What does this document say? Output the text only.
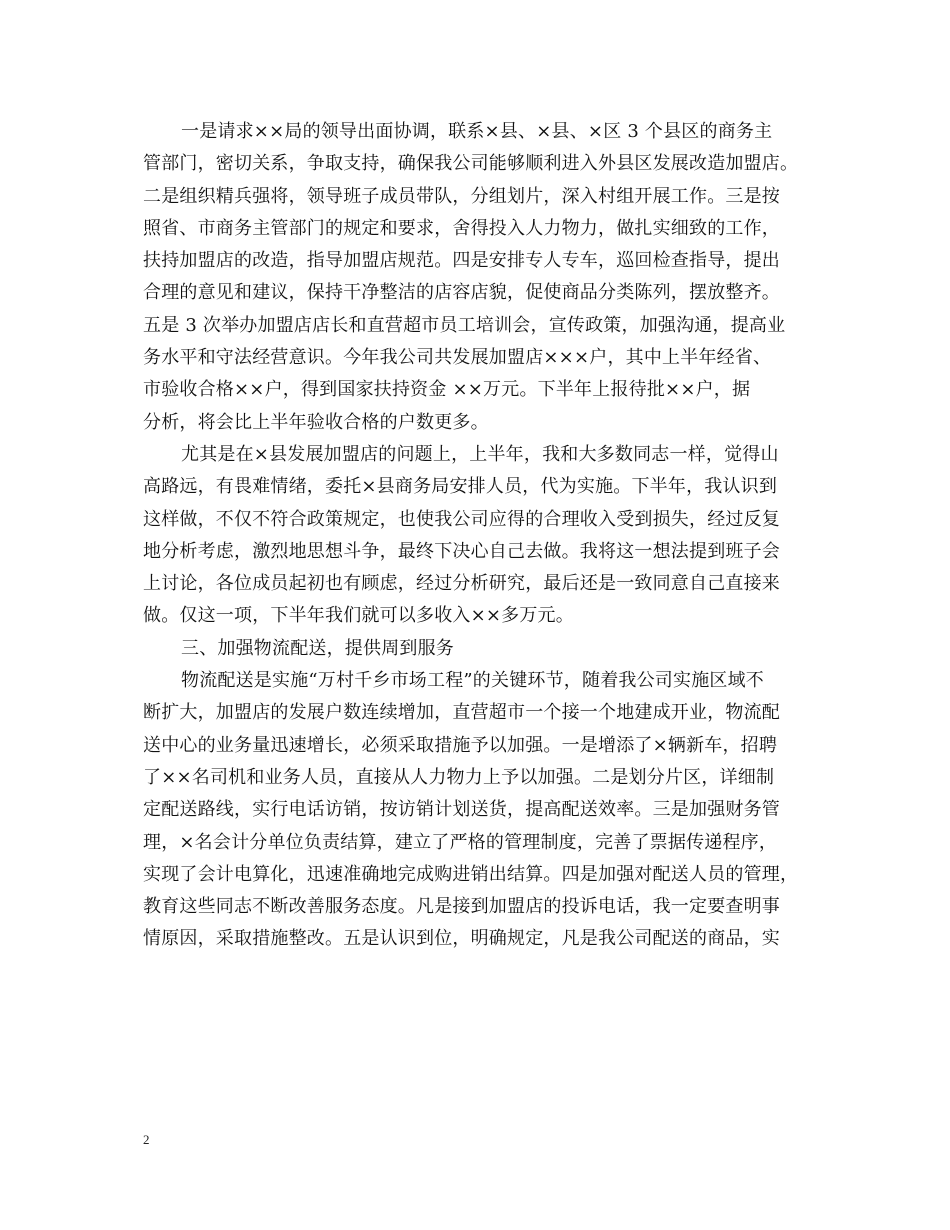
一是请求××局的领导出面协调，联系×县、×县、×区 3 个县区的商务主
管部门，密切关系，争取支持，确保我公司能够顺利进入外县区发展改造加盟店。
二是组织精兵强将，领导班子成员带队，分组划片，深入村组开展工作。三是按
照省、市商务主管部门的规定和要求，舍得投入人力物力，做扎实细致的工作，
扶持加盟店的改造，指导加盟店规范。四是安排专人专车，巡回检查指导，提出
合理的意见和建议，保持干净整洁的店容店貌，促使商品分类陈列，摆放整齐。
五是 3 次举办加盟店店长和直营超市员工培训会，宣传政策，加强沟通，提高业
务水平和守法经营意识。今年我公司共发展加盟店×××户，其中上半年经省、
市验收合格××户，得到国家扶持资金 ××万元。下半年上报待批××户，据
分析，将会比上半年验收合格的户数更多。
尤其是在×县发展加盟店的问题上，上半年，我和大多数同志一样，觉得山
高路远，有畏难情绪，委托×县商务局安排人员，代为实施。下半年，我认识到
这样做，不仅不符合政策规定，也使我公司应得的合理收入受到损失，经过反复
地分析考虑，激烈地思想斗争，最终下决心自己去做。我将这一想法提到班子会
上讨论，各位成员起初也有顾虑，经过分析研究，最后还是一致同意自己直接来
做。仅这一项，下半年我们就可以多收入××多万元。
三、加强物流配送，提供周到服务
物流配送是实施“万村千乡市场工程”的关键环节，随着我公司实施区域不
断扩大，加盟店的发展户数连续增加，直营超市一个接一个地建成开业，物流配
送中心的业务量迅速增长，必须采取措施予以加强。一是增添了×辆新车，招聘
了××名司机和业务人员，直接从人力物力上予以加强。二是划分片区，详细制
定配送路线，实行电话访销，按访销计划送货，提高配送效率。三是加强财务管
理，×名会计分单位负责结算，建立了严格的管理制度，完善了票据传递程序，
实现了会计电算化，迅速准确地完成购进销出结算。四是加强对配送人员的管理，
教育这些同志不断改善服务态度。凡是接到加盟店的投诉电话，我一定要查明事
情原因，采取措施整改。五是认识到位，明确规定，凡是我公司配送的商品，实
2
